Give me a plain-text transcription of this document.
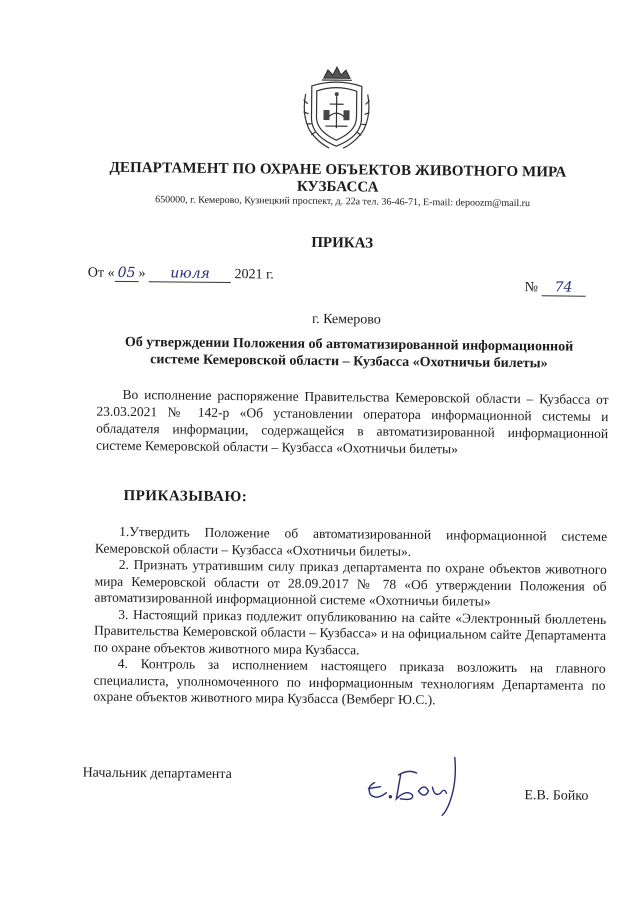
ДЕПАРТАМЕНТ ПО ОХРАНЕ ОБЪЕКТОВ ЖИВОТНОГО МИРА
КУЗБАССА
650000, г. Кемерово, Кузнецкий проспект, д. 22а тел. 36-46-71, E-mail: depoozm@mail.ru
ПРИКАЗ
От « 05 » июля 2021 г.
№ 74
г. Кемерово
Об утверждении Положения об автоматизированной информационной
системе Кемеровской области – Кузбасса «Охотничьи билеты»
Во исполнение распоряжение Правительства Кемеровской области – Кузбасса от 23.03.2021 № 142-р «Об установлении оператора информационной системы и обладателя информации, содержащейся в автоматизированной информационной системе Кемеровской области – Кузбасса «Охотничьи билеты»
ПРИКАЗЫВАЮ:

1.Утвердить Положение об автоматизированной информационной системе Кемеровской области – Кузбасса «Охотничьи билеты».

2. Признать утратившим силу приказ департамента по охране объектов животного мира Кемеровской области от 28.09.2017 № 78 «Об утверждении Положения об автоматизированной информационной системе «Охотничьи билеты»

3. Настоящий приказ подлежит опубликованию на сайте «Электронный бюллетень Правительства Кемеровской области – Кузбасса» и на официальном сайте Департамента по охране объектов животного мира Кузбасса.

4. Контроль за исполнением настоящего приказа возложить на главного специалиста, уполномоченного по информационным технологиям Департамента по охране объектов животного мира Кузбасса (Вемберг Ю.С.).

Начальник департамента
Е.В. Бойко
